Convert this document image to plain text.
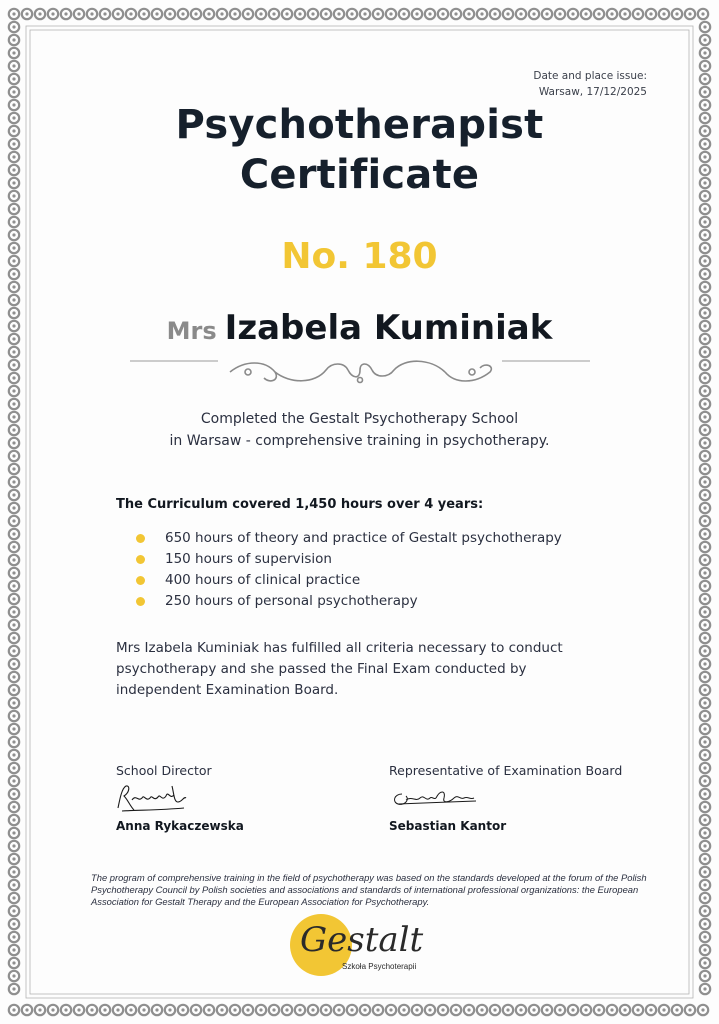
Date and place issue:
Warsaw, 17/12/2025
Psychotherapist
Certificate
No. 180
Mrs Izabela Kuminiak
Completed the Gestalt Psychotherapy School
in Warsaw - comprehensive training in psychotherapy.
The Curriculum covered 1,450 hours over 4 years:
650 hours of theory and practice of Gestalt psychotherapy
150 hours of supervision
400 hours of clinical practice
250 hours of personal psychotherapy
Mrs Izabela Kuminiak has fulfilled all criteria necessary to conduct psychotherapy and she passed the Final Exam conducted by independent Examination Board.
School Director
Anna Rykaczewska
Representative of Examination Board
Sebastian Kantor
The program of comprehensive training in the field of psychotherapy was based on the standards developed at the forum of the Polish Psychotherapy Council by Polish societies and associations and standards of international professional organizations: the European Association for Gestalt Therapy and the European Association for Psychotherapy.
Gestalt
Szkoła Psychoterapii
